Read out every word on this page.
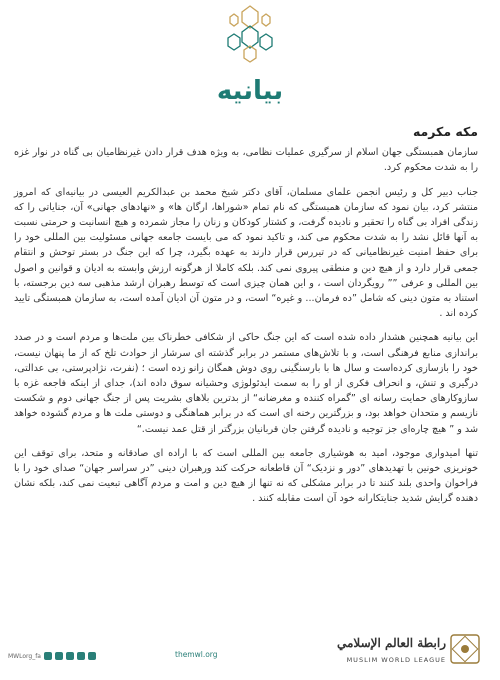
بیانیه
مکه مکرمه

سازمان همبستگی جهان اسلام از سرگیری عملیات نظامی، به ویژه هدف قرار دادن غیرنظامیان بی گناه در نوار غزه را به شدت محکوم کرد.

جناب دبیر کل و رئیس انجمن علمای مسلمان، آقای دکتر شیخ محمد بن عبدالکریم العیسی در بیانیه‌ای که امروز منتشر کرد، بیان نمود که سازمان همبستگی که نام تمام «شوراها، ارگان ها» و «نهادهای جهانی» آن، جنایاتی را که زندگی افراد بی گناه را تحقیر و نادیده گرفت، و کشتار کودکان و زنان را مجاز شمرده و هیچ انسانیت و حرمتی نسبت به آنها قائل نشد را به شدت محکوم می کند، و تاکید نمود که می بایست جامعه جهانی مسئولیت بین المللی خود را برای حفظ امنیت غیرنظامیانی که در تیررس قرار دارند به عهده بگیرد، چرا که این جنگ در بستر توحش و انتقام جمعی قرار دارد و از هیچ دین و منطقی پیروی نمی کند. بلکه کاملا از هرگونه ارزش وابسته به ادیان و قوانین و اصول بین المللی و عرفی ”” رویگردان است ، و این همان چیزی است که توسط رهبران ارشد مذهبی سه دین برجسته، با استناد به متون دینی که شامل ”ده فرمان... و غیره“ است، و در متون آن ادیان آمده است، به سازمان همبستگی تایید کرده اند .

این بیانیه همچنین هشدار داده شده است که این جنگ حاکی از شکافی خطرناک بین ملت‌ها و مردم است و در صدد براندازی منابع فرهنگی است، و با تلاش‌های مستمر در برابر گذشته ای سرشار از حوادث تلخ که از ما پنهان نیست، خود را بازسازی کرده‌است و سال ها با بارسنگینی روی دوش همگان زانو زده است ؛ (نفرت، نژادپرستی، بی عدالتی، درگیری و تنش، و انحراف فکری از او را به سمت ایدئولوژی وحشیانه سوق داده اند)، جدای از اینکه فاجعه غزه با سازوکارهای حمایت رسانه ای ”گمراه کننده و مغرضانه“ از بدترین بلاهای بشریت پس از جنگ جهانی دوم و شکست نازیسم و متحدان خواهد بود، و بزرگترین رخنه ای است که در برابر هماهنگی و دوستی ملت ها و مردم گشوده خواهد شد و ” هیچ چاره‌ای جز توجیه و نادیده گرفتن جان قربانیان بزرگتر از قتل عمد نیست.“

تنها امیدواری موجود، امید به هوشیاری جامعه بین المللی است که با اراده ای صادقانه و متحد، برای توقف این خونریزی خونین با تهدیدهای ”دور و نزدیک“ آن قاطعانه حرکت کند ورهبران دینی ”در سراسر جهان“ صدای خود را با فراخوان واحدی بلند کنند تا در برابر مشکلی که نه تنها از هیچ دین و امت و مردم آگاهی تبعیت نمی کند، بلکه نشان دهنده گرایش شدید جنایتکارانه خود آن است مقابله کنند .

MWLorg_fa	themwl.org
رابطة العالم الإسلامي
MUSLIM WORLD LEAGUE
